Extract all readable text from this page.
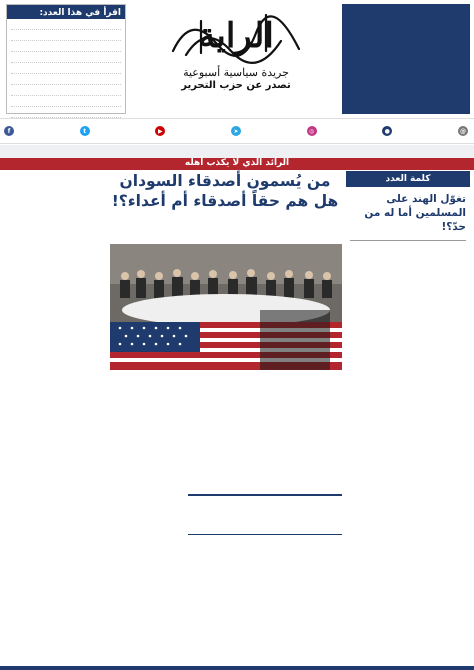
اقرأ في هذا العدد:
الراية
جريدة سياسية أسبوعية
تصدر عن حزب التحرير
f	t	▶	➤	◎	●	@
الرائد الذي لا يكذب أهله
كلمة العدد
تغوّل الهند على المسلمين أما له من حدّ؟!
من يُسمون أصدقاء السودان هل هم حقاً أصدقاء أم أعداء؟!
